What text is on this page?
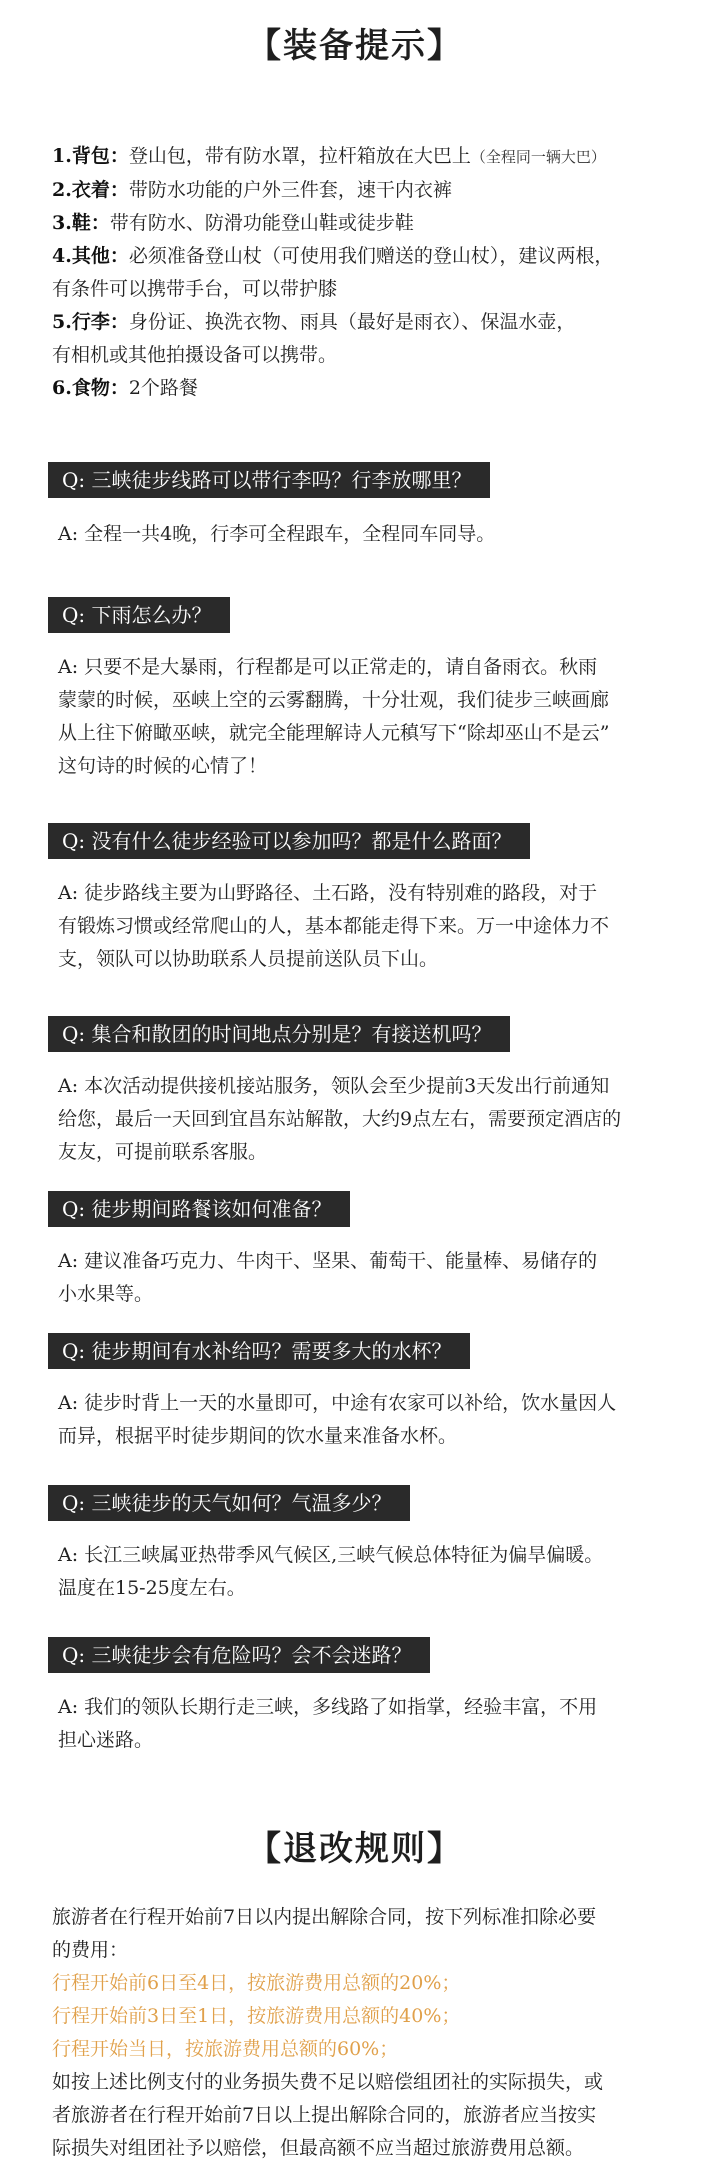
【装备提示】
1.背包：登山包，带有防水罩，拉杆箱放在大巴上（全程同一辆大巴）
2.衣着：带防水功能的户外三件套，速干内衣裤
3.鞋：带有防水、防滑功能登山鞋或徒步鞋
4.其他：必须准备登山杖（可使用我们赠送的登山杖），建议两根，
有条件可以携带手台，可以带护膝
5.行李：身份证、换洗衣物、雨具（最好是雨衣）、保温水壶，
有相机或其他拍摄设备可以携带。
6.食物：2个路餐
Q: 三峡徒步线路可以带行李吗？行李放哪里？
A: 全程一共4晚，行李可全程跟车，全程同车同导。
Q: 下雨怎么办？
A: 只要不是大暴雨，行程都是可以正常走的，请自备雨衣。秋雨
蒙蒙的时候，巫峡上空的云雾翻腾，十分壮观，我们徒步三峡画廊
从上往下俯瞰巫峡，就完全能理解诗人元稹写下“除却巫山不是云”
这句诗的时候的心情了！
Q: 没有什么徒步经验可以参加吗？都是什么路面？
A: 徒步路线主要为山野路径、土石路，没有特别难的路段，对于
有锻炼习惯或经常爬山的人，基本都能走得下来。万一中途体力不
支，领队可以协助联系人员提前送队员下山。
Q: 集合和散团的时间地点分别是？有接送机吗？
A: 本次活动提供接机接站服务，领队会至少提前3天发出行前通知
给您，最后一天回到宜昌东站解散，大约9点左右，需要预定酒店的
友友，可提前联系客服。
Q: 徒步期间路餐该如何准备？
A: 建议准备巧克力、牛肉干、坚果、葡萄干、能量棒、易储存的
小水果等。
Q: 徒步期间有水补给吗？需要多大的水杯？
A: 徒步时背上一天的水量即可，中途有农家可以补给，饮水量因人
而异，根据平时徒步期间的饮水量来准备水杯。
Q: 三峡徒步的天气如何？气温多少？
A: 长江三峡属亚热带季风气候区,三峡气候总体特征为偏旱偏暖。
温度在15-25度左右。
Q: 三峡徒步会有危险吗？会不会迷路？
A: 我们的领队长期行走三峡，多线路了如指掌，经验丰富，不用
担心迷路。
【退改规则】
旅游者在行程开始前7日以内提出解除合同，按下列标准扣除必要
的费用：
行程开始前6日至4日，按旅游费用总额的20%；
行程开始前3日至1日，按旅游费用总额的40%；
行程开始当日，按旅游费用总额的60%；
如按上述比例支付的业务损失费不足以赔偿组团社的实际损失，或
者旅游者在行程开始前7日以上提出解除合同的，旅游者应当按实
际损失对组团社予以赔偿，但最高额不应当超过旅游费用总额。
